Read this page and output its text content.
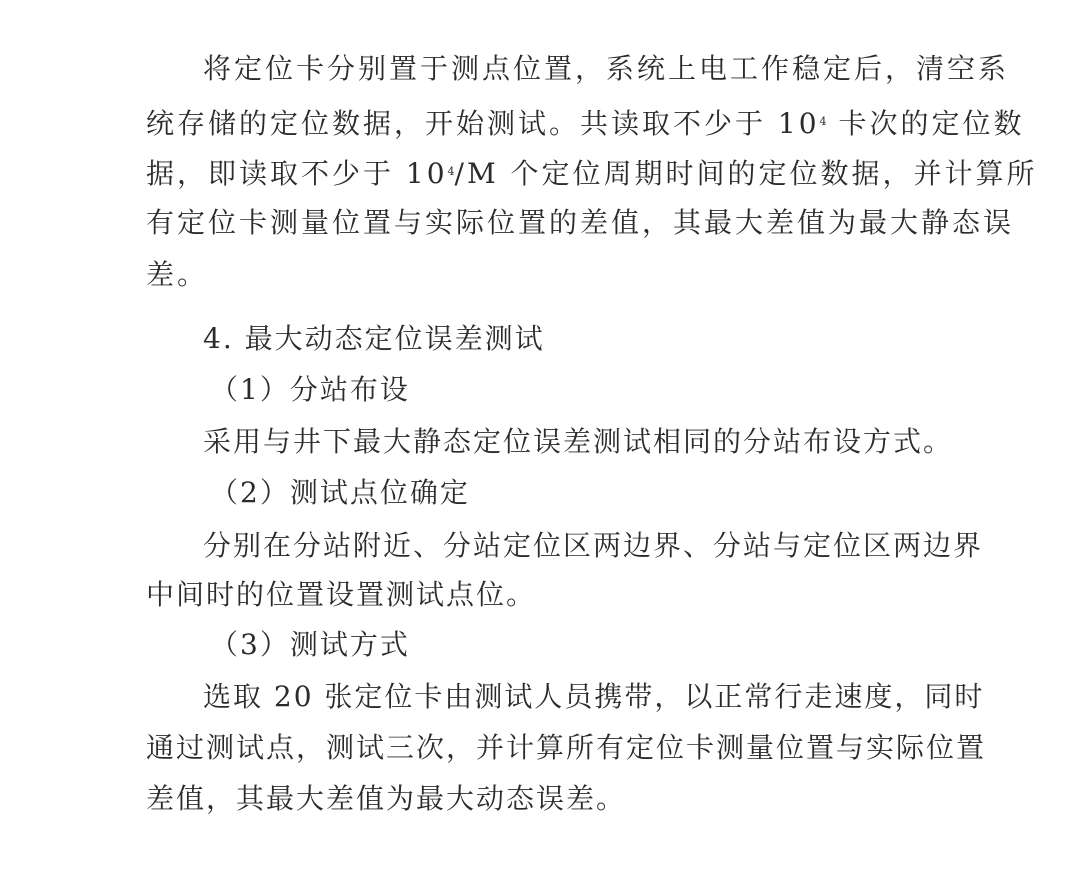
将定位卡分别置于测点位置，系统上电工作稳定后，清空系
统存储的定位数据，开始测试。共读取不少于 $10^4$ 卡次的定位数
据，即读取不少于 $10^4/M$ 个定位周期时间的定位数据，并计算所
有定位卡测量位置与实际位置的差值，其最大差值为最大静态误
差。
4. 最大动态定位误差测试
（1）分站布设
采用与井下最大静态定位误差测试相同的分站布设方式。
（2）测试点位确定
分别在分站附近、分站定位区两边界、分站与定位区两边界
中间时的位置设置测试点位。
（3）测试方式
选取 20 张定位卡由测试人员携带，以正常行走速度，同时
通过测试点，测试三次，并计算所有定位卡测量位置与实际位置
差值，其最大差值为最大动态误差。
